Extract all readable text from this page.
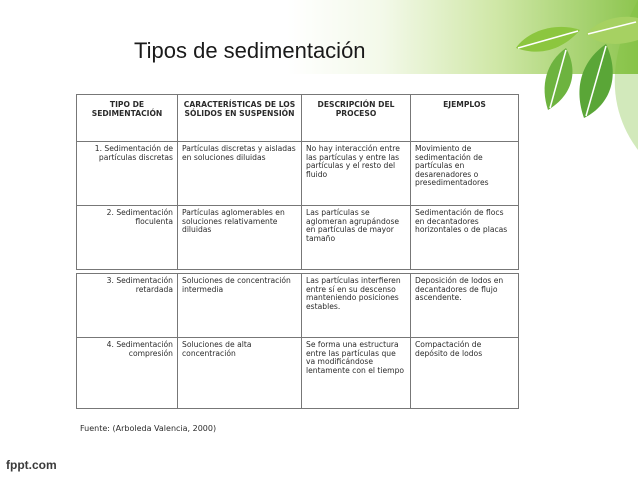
Tipos de sedimentación
TIPO DE SEDIMENTACIÓN
CARACTERÍSTICAS DE LOS SÓLIDOS EN SUSPENSIÓN
DESCRIPCIÓN DEL PROCESO
EJEMPLOS
1. Sedimentación de partículas discretas
Partículas discretas y aisladas en soluciones diluidas
No hay interacción entre las partículas y entre las partículas y el resto del fluido
Movimiento de sedimentación de partículas en desarenadores o presedimentadores
2. Sedimentación floculenta
Partículas aglomerables en soluciones relativamente diluidas
Las partículas se aglomeran agrupándose en partículas de mayor tamaño
Sedimentación de flocs en decantadores horizontales o de placas
3. Sedimentación retardada
Soluciones de concentración intermedia
Las partículas interfieren entre sí en su descenso manteniendo posiciones estables.
Deposición de lodos en decantadores de flujo ascendente.
4. Sedimentación compresión
Soluciones de alta concentración
Se forma una estructura entre las partículas que va modificándose lentamente con el tiempo
Compactación de depósito de lodos
Fuente: (Arboleda Valencia, 2000)
fppt.com
